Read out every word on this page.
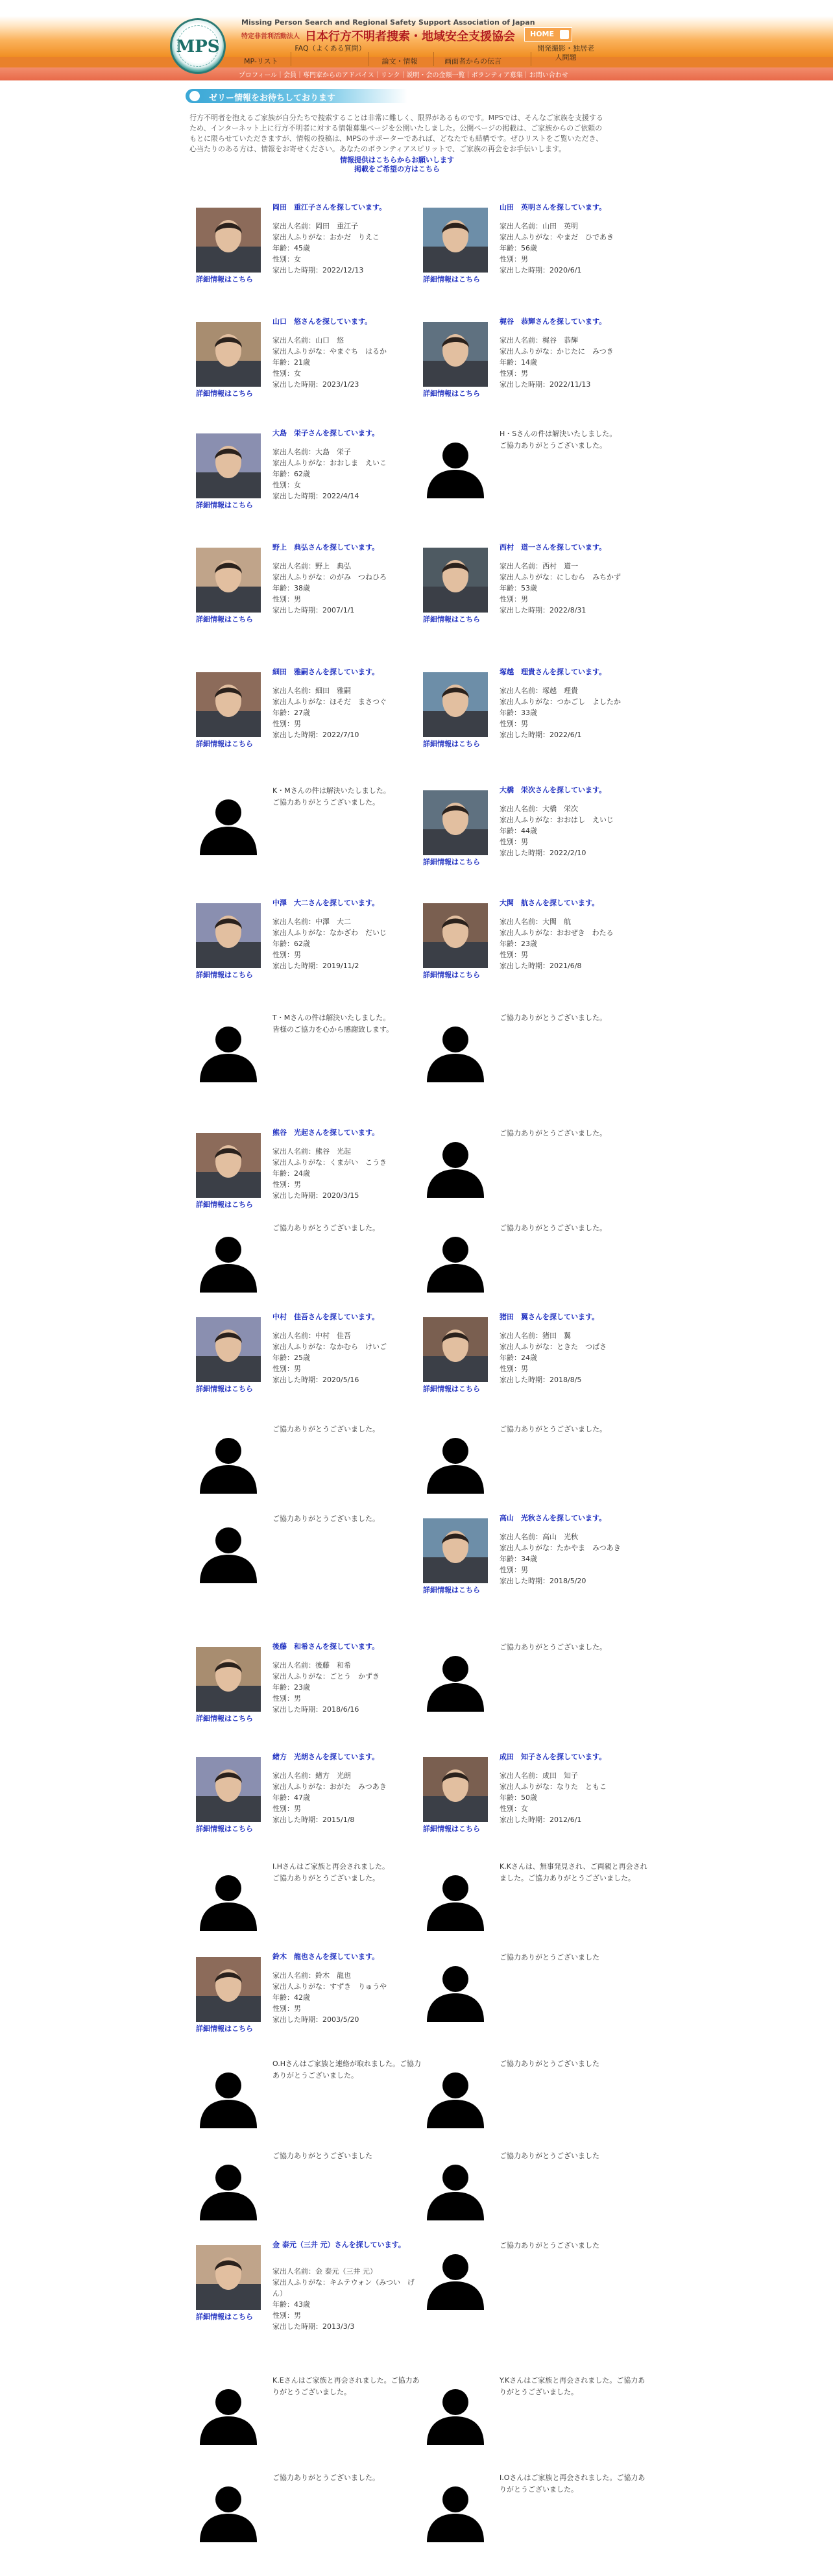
MPS
Missing Person Search and Regional Safety Support Association of Japan
特定非営利活動法人 日本行方不明者捜索・地域安全支援協会	HOME
MP-リスト
FAQ（よくある質問）
論文・情報	画面者からの伝言
開発撮影・独居老人問題
プロフィール｜会員｜専門家からのアドバイス｜リンク｜説明・会の金額一覧｜ボランティア募集｜お問い合わせ
ゼリー情報をお待ちしております
行方不明者を抱えるご家族が自分たちで捜索することは非常に難しく、限界があるものです。MPSでは、そんなご家族を支援するため、インターネット上に行方不明者に対する情報募集ページを公開いたしました。公開ページの掲載は、ご家族からのご依頼のもとに限らせていただきますが、情報の投稿は、MPSのサポーターであれば、どなたでも結構です。ぜひリストをご覧いただき、心当たりのある方は、情報をお寄せください。あなたのボランティアスピリットで、ご家族の再会をお手伝いします。
情報提供はこちらからお願いします
掲載をご希望の方はこちら
詳細情報はこちら
岡田　重江子さんを探しています。
家出人名前：岡田　重江子
家出人ふりがな：おかだ　りえこ
年齢：45歳
性別：女
家出した時期：2022/12/13
詳細情報はこちら
山田　英明さんを探しています。
家出人名前：山田　英明
家出人ふりがな：やまだ　ひであき
年齢：56歳
性別：男
家出した時期：2020/6/1
詳細情報はこちら
山口　悠さんを探しています。
家出人名前：山口　悠
家出人ふりがな：やまぐち　はるか
年齢：21歳
性別：女
家出した時期：2023/1/23
詳細情報はこちら
梶谷　恭輝さんを探しています。
家出人名前：梶谷　恭輝
家出人ふりがな：かじたに　みつき
年齢：14歳
性別：男
家出した時期：2022/11/13
詳細情報はこちら
大島　栄子さんを探しています。
家出人名前：大島　栄子
家出人ふりがな：おおしま　えいこ
年齢：62歳
性別：女
家出した時期：2022/4/14
H・Sさんの件は解決いたしました。
ご協力ありがとうございました。
詳細情報はこちら
野上　典弘さんを探しています。
家出人名前：野上　典弘
家出人ふりがな：のがみ　つねひろ
年齢：38歳
性別：男
家出した時期：2007/1/1
詳細情報はこちら
西村　道一さんを探しています。
家出人名前：西村　道一
家出人ふりがな：にしむら　みちかず
年齢：53歳
性別：男
家出した時期：2022/8/31
詳細情報はこちら
細田　雅嗣さんを探しています。
家出人名前：細田　雅嗣
家出人ふりがな：ほそだ　まさつぐ
年齢：27歳
性別：男
家出した時期：2022/7/10
詳細情報はこちら
塚越　理貴さんを探しています。
家出人名前：塚越　理貴
家出人ふりがな：つかごし　よしたか
年齢：33歳
性別：男
家出した時期：2022/6/1
K・Mさんの件は解決いたしました。
ご協力ありがとうございました。
詳細情報はこちら
大橋　栄次さんを探しています。
家出人名前：大橋　栄次
家出人ふりがな：おおはし　えいじ
年齢：44歳
性別：男
家出した時期：2022/2/10
詳細情報はこちら
中澤　大二さんを探しています。
家出人名前：中澤　大二
家出人ふりがな：なかざわ　だいじ
年齢：62歳
性別：男
家出した時期：2019/11/2
詳細情報はこちら
大関　航さんを探しています。
家出人名前：大関　航
家出人ふりがな：おおぜき　わたる
年齢：23歳
性別：男
家出した時期：2021/6/8
T・Mさんの件は解決いたしました。
皆様のご協力を心から感謝致します。
ご協力ありがとうございました。
詳細情報はこちら
熊谷　光起さんを探しています。
家出人名前：熊谷　光起
家出人ふりがな：くまがい　こうき
年齢：24歳
性別：男
家出した時期：2020/3/15
ご協力ありがとうございました。
ご協力ありがとうございました。	ご協力ありがとうございました。
詳細情報はこちら
中村　佳吾さんを探しています。
家出人名前：中村　佳吾
家出人ふりがな：なかむら　けいご
年齢：25歳
性別：男
家出した時期：2020/5/16
詳細情報はこちら
猪田　翼さんを探しています。
家出人名前：猪田　翼
家出人ふりがな：ときた　つばさ
年齢：24歳
性別：男
家出した時期：2018/8/5
ご協力ありがとうございました。	ご協力ありがとうございました。
ご協力ありがとうございました。
詳細情報はこちら
高山　光秋さんを探しています。
家出人名前：高山　光秋
家出人ふりがな：たかやま　みつあき
年齢：34歳
性別：男
家出した時期：2018/5/20
詳細情報はこちら
後藤　和希さんを探しています。
家出人名前：後藤　和希
家出人ふりがな：ごとう　かずき
年齢：23歳
性別：男
家出した時期：2018/6/16
ご協力ありがとうございました。
詳細情報はこちら
緒方　光朗さんを探しています。
家出人名前：緒方　光朗
家出人ふりがな：おがた　みつあき
年齢：47歳
性別：男
家出した時期：2015/1/8
詳細情報はこちら
成田　知子さんを探しています。
家出人名前：成田　知子
家出人ふりがな：なりた　ともこ
年齢：50歳
性別：女
家出した時期：2012/6/1
I.Hさんはご家族と再会されました。
ご協力ありがとうございました。
K.Kさんは、無事発見され、ご両親と再会されました。ご協力ありがとうございました。
詳細情報はこちら
鈴木　龍也さんを探しています。
家出人名前：鈴木　龍也
家出人ふりがな：すずき　りゅうや
年齢：42歳
性別：男
家出した時期：2003/5/20
ご協力ありがとうございました
O.Hさんはご家族と連絡が取れました。ご協力ありがとうございました。
ご協力ありがとうございました
ご協力ありがとうございました	ご協力ありがとうございました
詳細情報はこちら
金 泰元（三井 元）さんを探しています。
家出人名前：金 泰元（三井 元）
家出人ふりがな：キムテウォン（みつい　げん）
年齢：43歳
性別：男
家出した時期：2013/3/3
ご協力ありがとうございました
K.Eさんはご家族と再会されました。ご協力ありがとうございました。
Y.Kさんはご家族と再会されました。ご協力ありがとうございました。
ご協力ありがとうございました。	I.Oさんはご家族と再会されました。ご協力ありがとうございました。
